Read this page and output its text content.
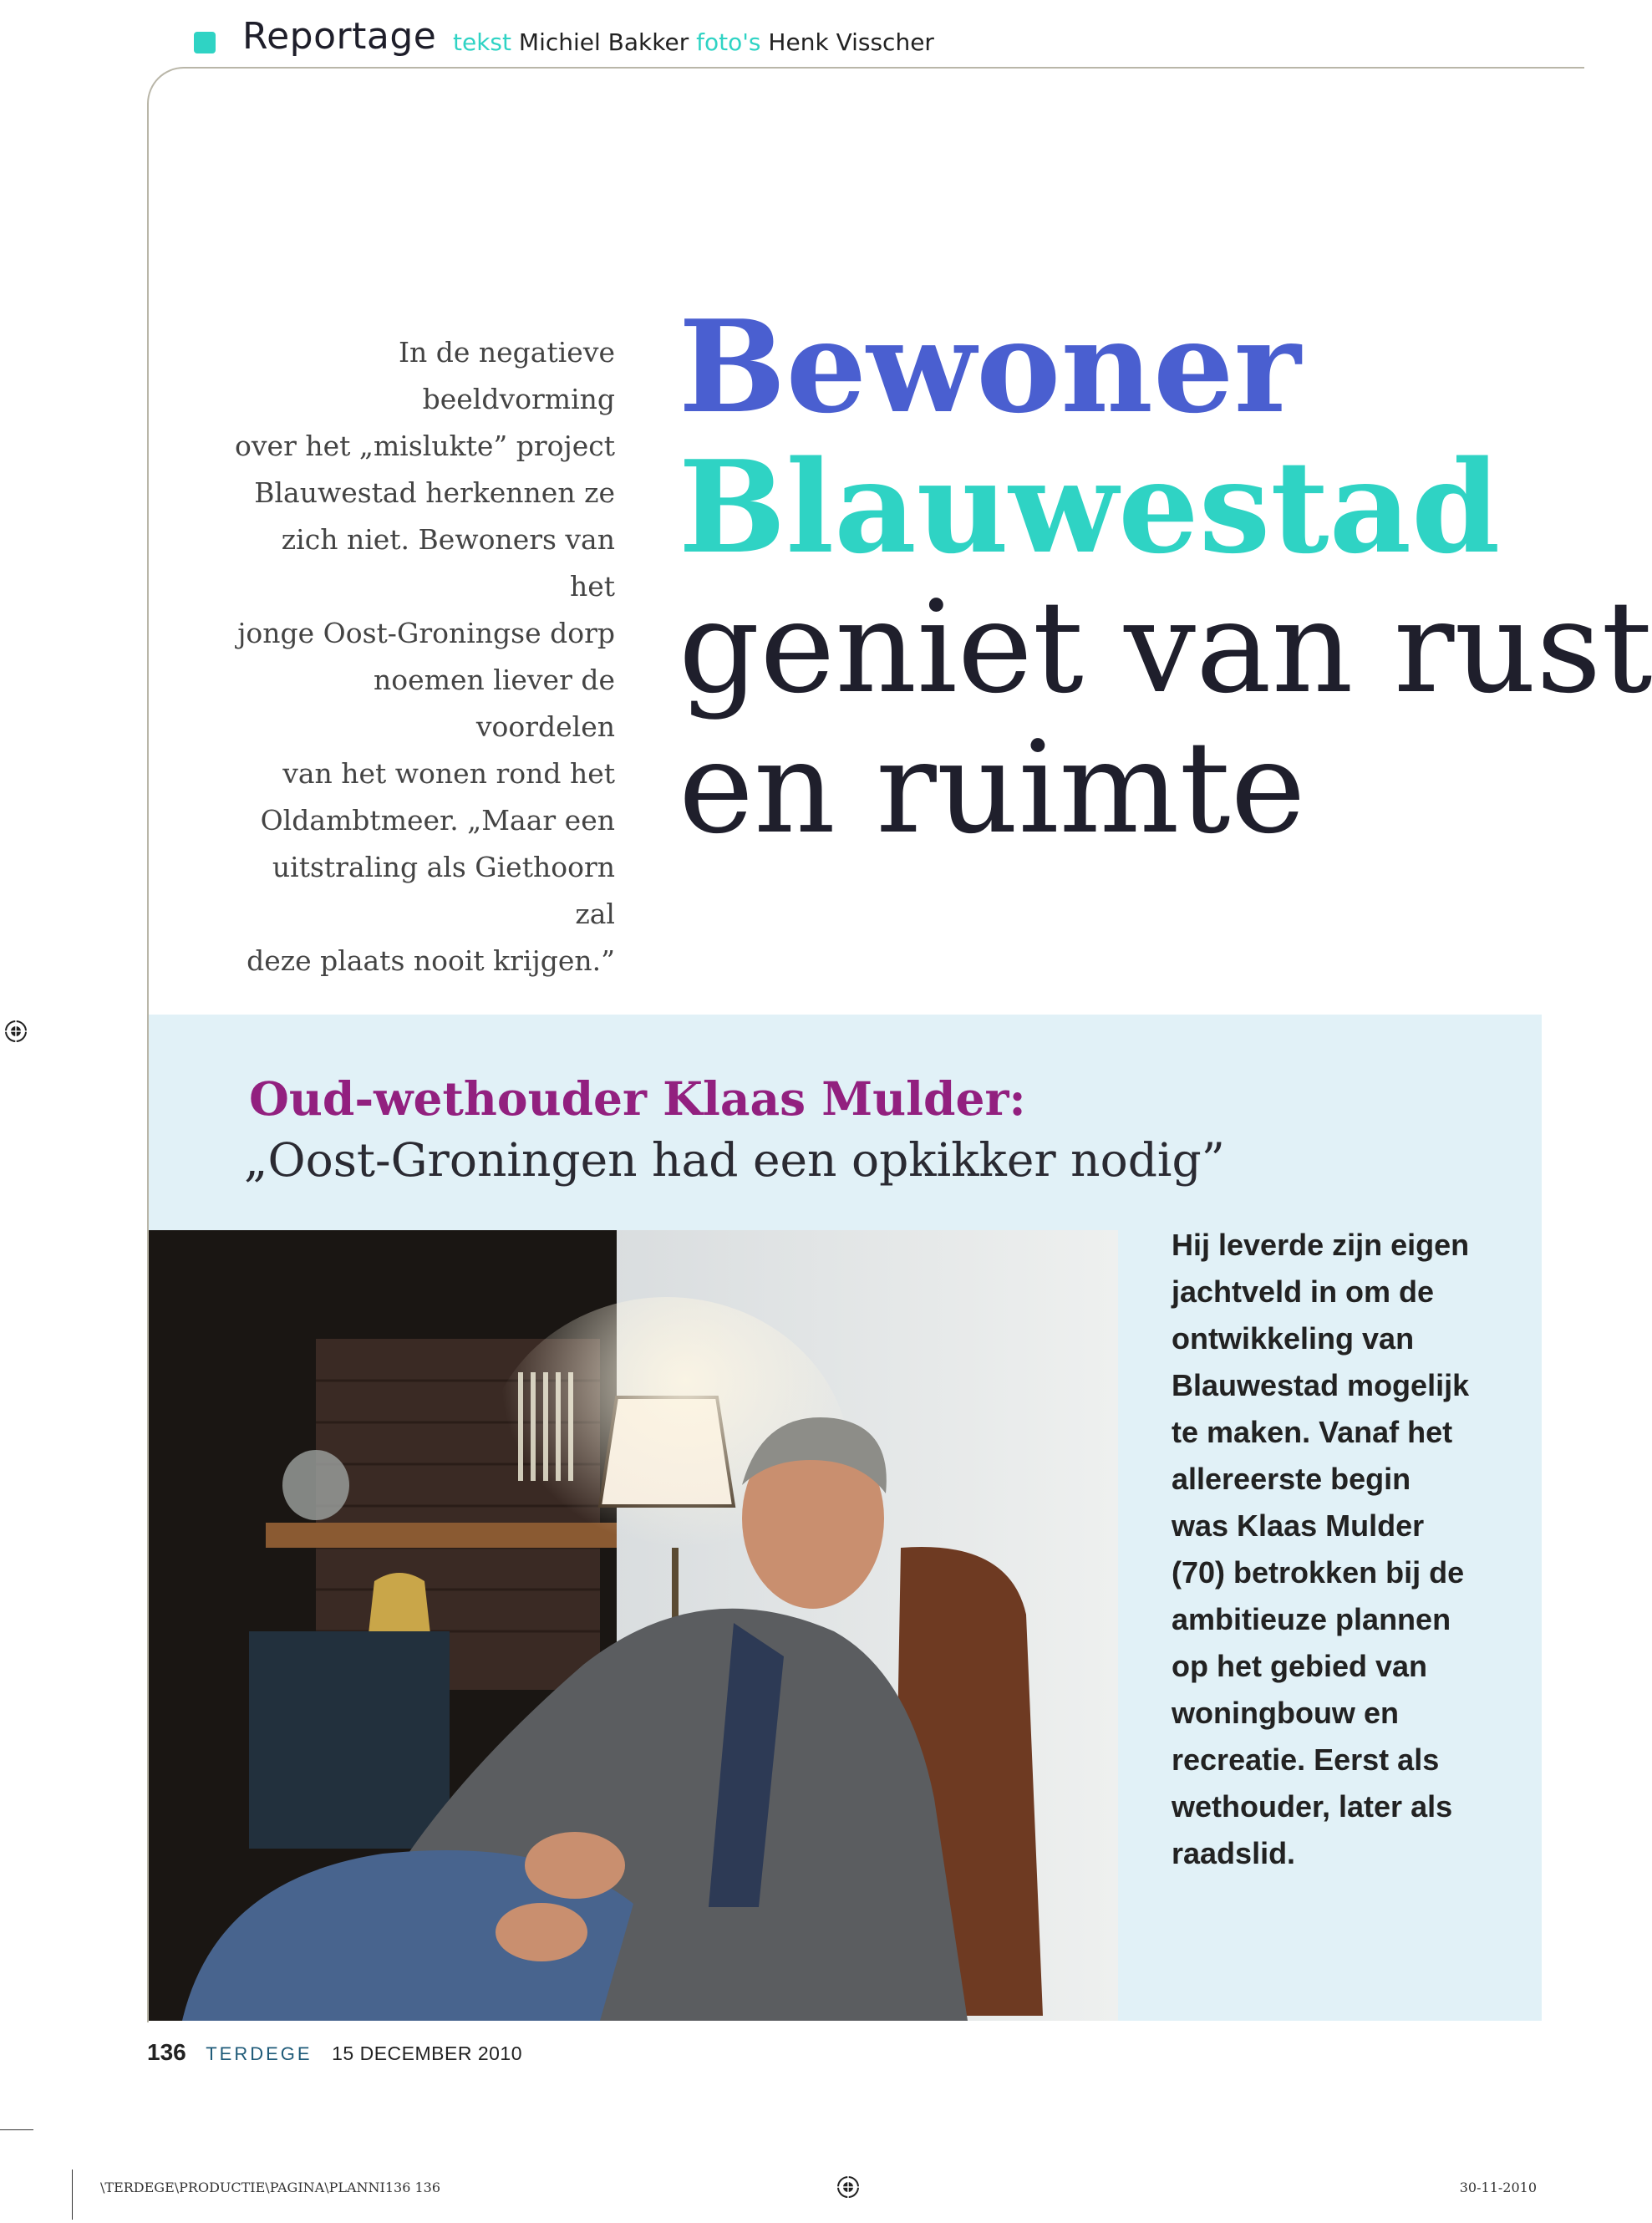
Reportage tekst Michiel Bakker foto's Henk Visscher
In de negatieve beeldvorming
over het „mislukte” project
Blauwestad herkennen ze
zich niet. Bewoners van het
jonge Oost-Groningse dorp
noemen liever de voordelen
van het wonen rond het
Oldambtmeer. „Maar een
uitstraling als Giethoorn zal
deze plaats nooit krijgen.”
Bewoner
Blauwestad
geniet van rust
en ruimte
Oud-wethouder Klaas Mulder:
„Oost-Groningen had een opkikker nodig”
Hij leverde zijn eigen
jachtveld in om de
ontwikkeling van
Blauwestad mogelijk
te maken. Vanaf het
allereerste begin
was Klaas Mulder
(70) betrokken bij de
ambitieuze plannen
op het gebied van
woningbouw en
recreatie. Eerst als
wethouder, later als
raadslid.
136 TERDEGE 15 DECEMBER 2010
\TERDEGE\PRODUCTIE\PAGINA\PLANNI136 136	30-11-2010
